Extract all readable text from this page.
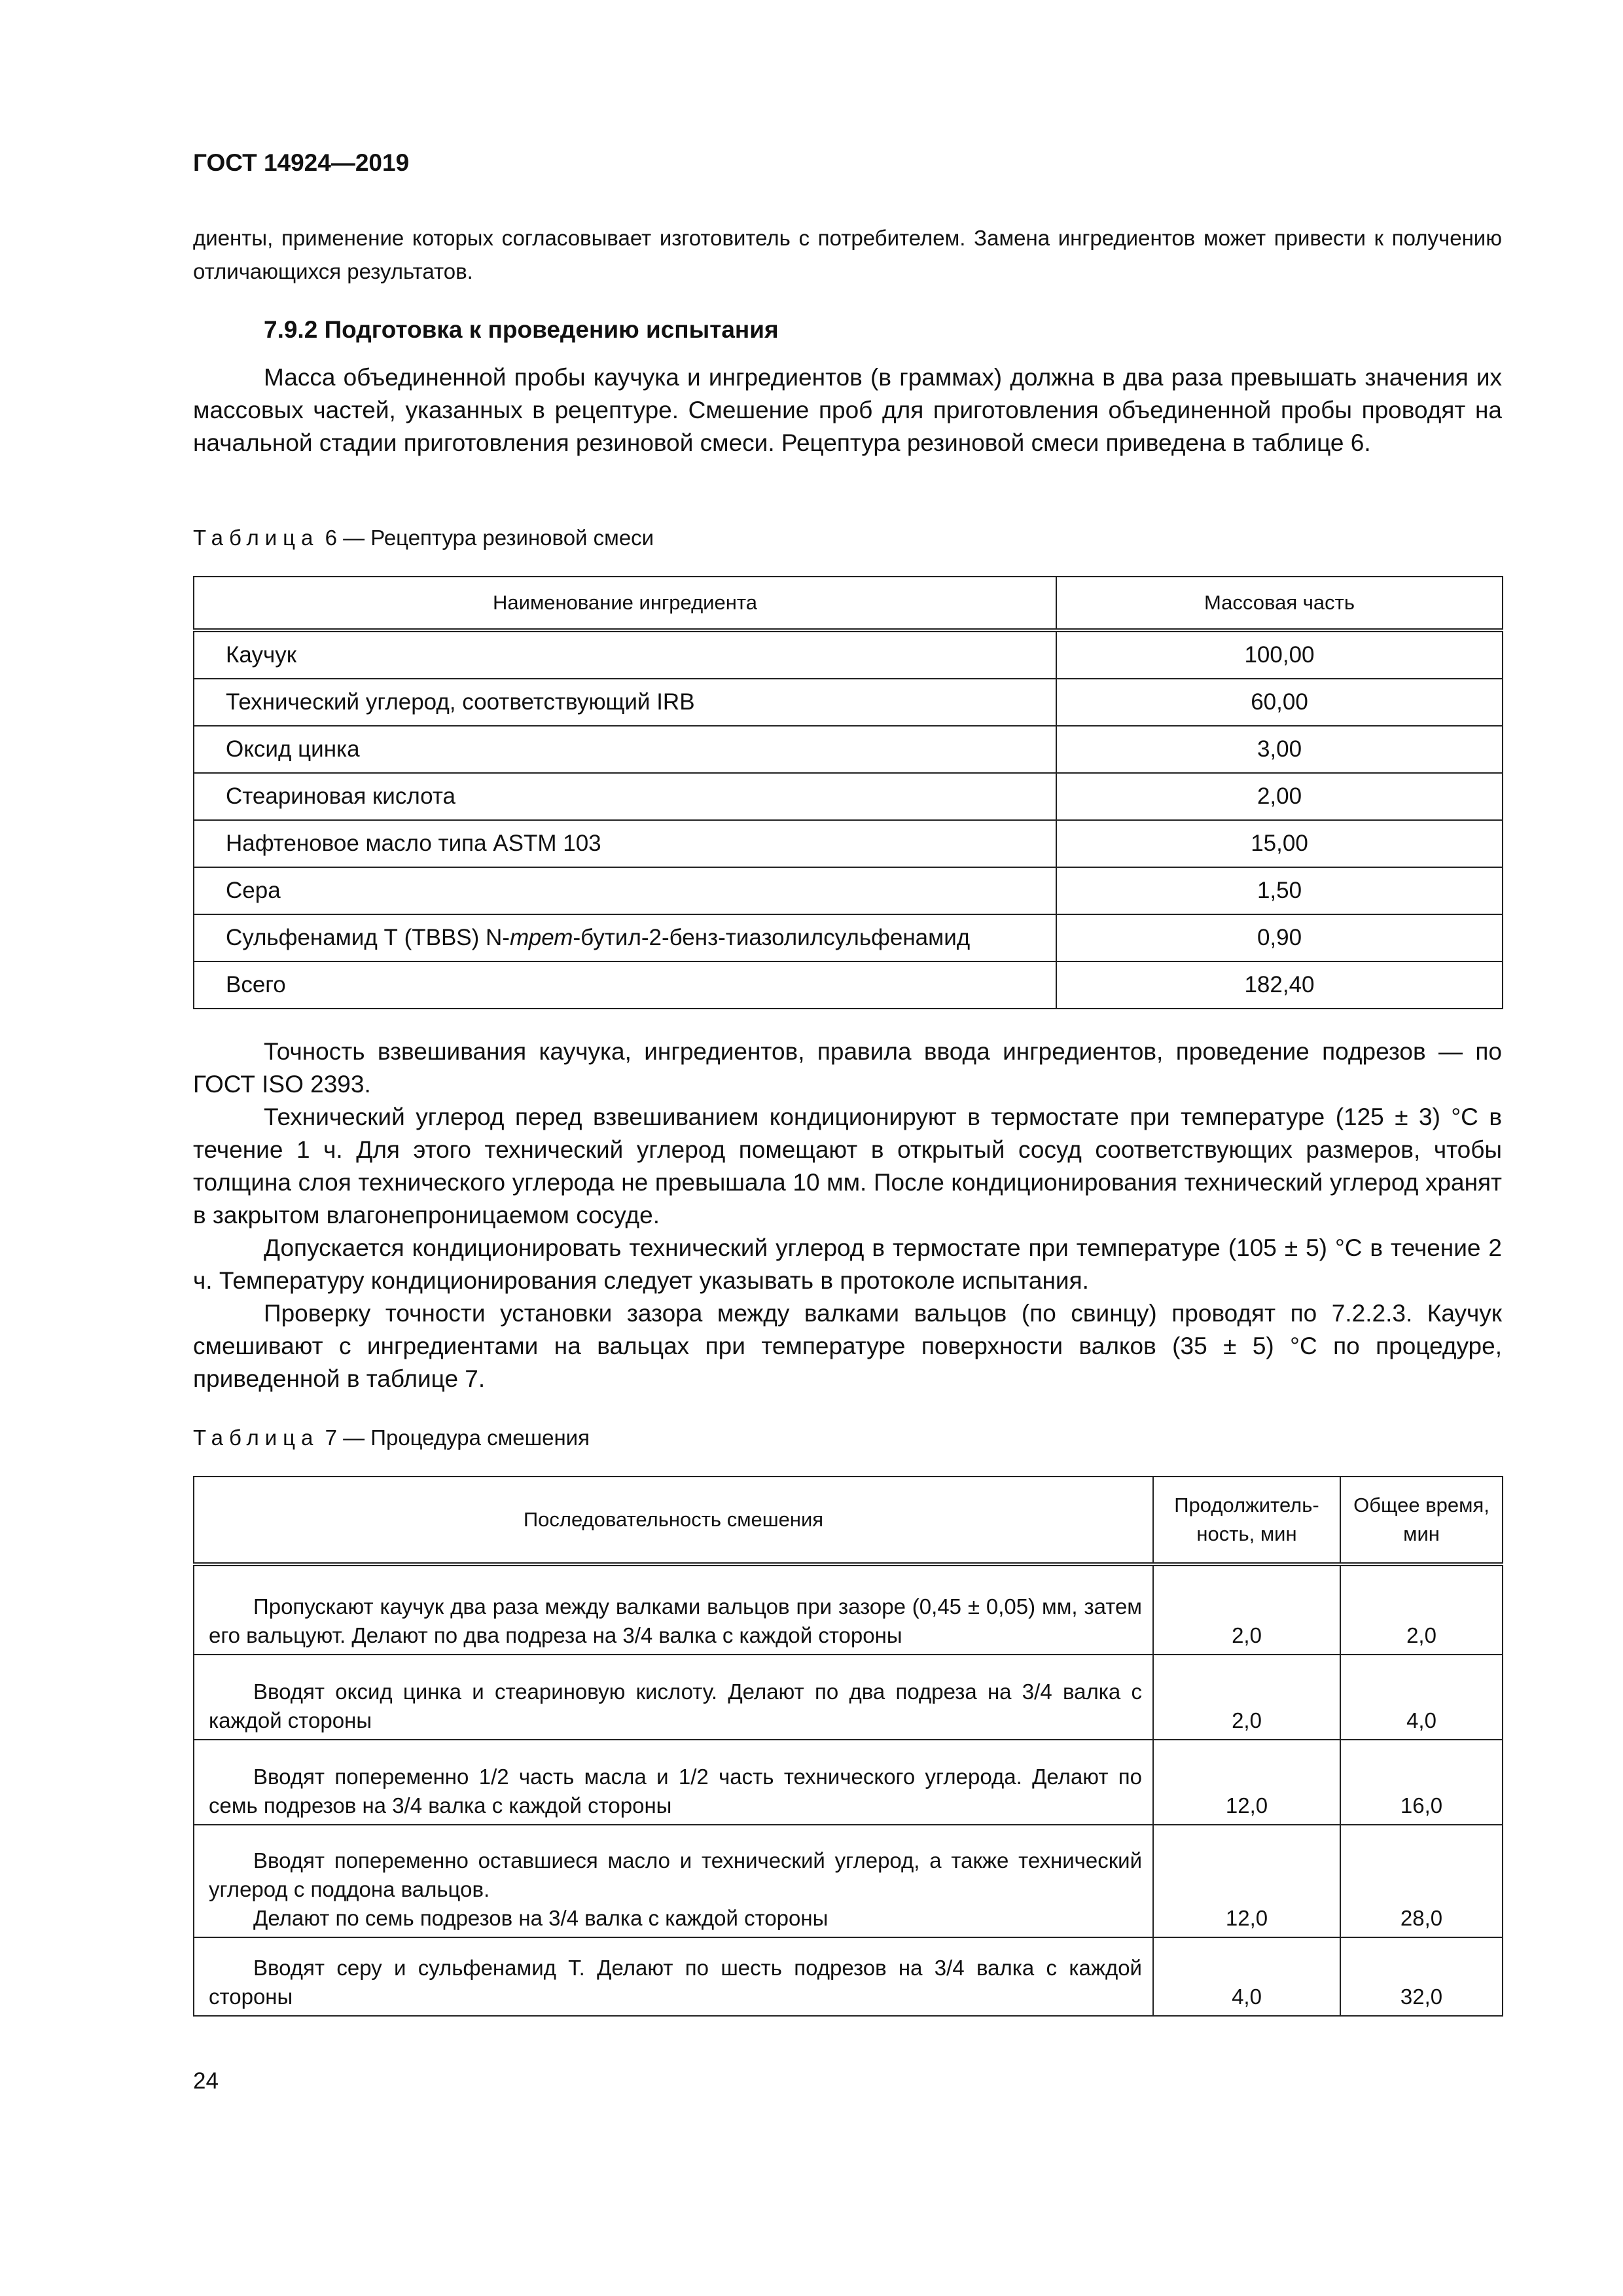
ГОСТ 14924—2019
диенты, применение которых согласовывает изготовитель с потребителем. Замена ингредиентов может привести к получению отличающихся результатов.
7.9.2 Подготовка к проведению испытания
Масса объединенной пробы каучука и ингредиентов (в граммах) должна в два раза превышать значения их массовых частей, указанных в рецептуре. Смешение проб для приготовления объединенной пробы проводят на начальной стадии приготовления резиновой смеси. Рецептура резиновой смеси приведена в таблице 6.
Таблица 6 — Рецептура резиновой смеси
Наименование ингредиента	Массовая часть
Каучук	100,00
Технический углерод, соответствующий IRB	60,00
Оксид цинка	3,00
Стеариновая кислота	2,00
Нафтеновое масло типа ASTM 103	15,00
Сера	1,50
Сульфенамид Т (TBBS) N-трет-бутил-2-бенз-тиазолилсульфенамид	0,90
Всего	182,40

Точность взвешивания каучука, ингредиентов, правила ввода ингредиентов, проведение подрезов — по ГОСТ ISO 2393.

Технический углерод перед взвешиванием кондиционируют в термостате при температуре (125 ± 3) °С в течение 1 ч. Для этого технический углерод помещают в открытый сосуд соответствующих размеров, чтобы толщина слоя технического углерода не превышала 10 мм. После кондиционирования технический углерод хранят в закрытом влагонепроницаемом сосуде.

Допускается кондиционировать технический углерод в термостате при температуре (105 ± 5) °С в течение 2 ч. Температуру кондиционирования следует указывать в протоколе испытания.

Проверку точности установки зазора между валками вальцов (по свинцу) проводят по 7.2.2.3. Каучук смешивают с ингредиентами на вальцах при температуре поверхности валков (35 ± 5) °С по процедуре, приведенной в таблице 7.

Таблица 7 — Процедура смешения
Последовательность смешения	Продолжитель-ность, мин	Общее время, мин

Пропускают каучук два раза между валками вальцов при зазоре (0,45 ± 0,05) мм, затем его вальцуют. Делают по два подреза на 3/4 валка с каждой стороны	2,0	2,0

Вводят оксид цинка и стеариновую кислоту. Делают по два подреза на 3/4 валка с каждой стороны	2,0	4,0

Вводят попеременно 1/2 часть масла и 1/2 часть технического углерода. Делают по семь подрезов на 3/4 валка с каждой стороны	12,0	16,0

Вводят попеременно оставшиеся масло и технический углерод, а также технический углерод с поддона вальцов.
Делают по семь подрезов на 3/4 валка с каждой стороны	12,0	28,0

Вводят серу и сульфенамид Т. Делают по шесть подрезов на 3/4 валка с каждой стороны	4,0	32,0
24
